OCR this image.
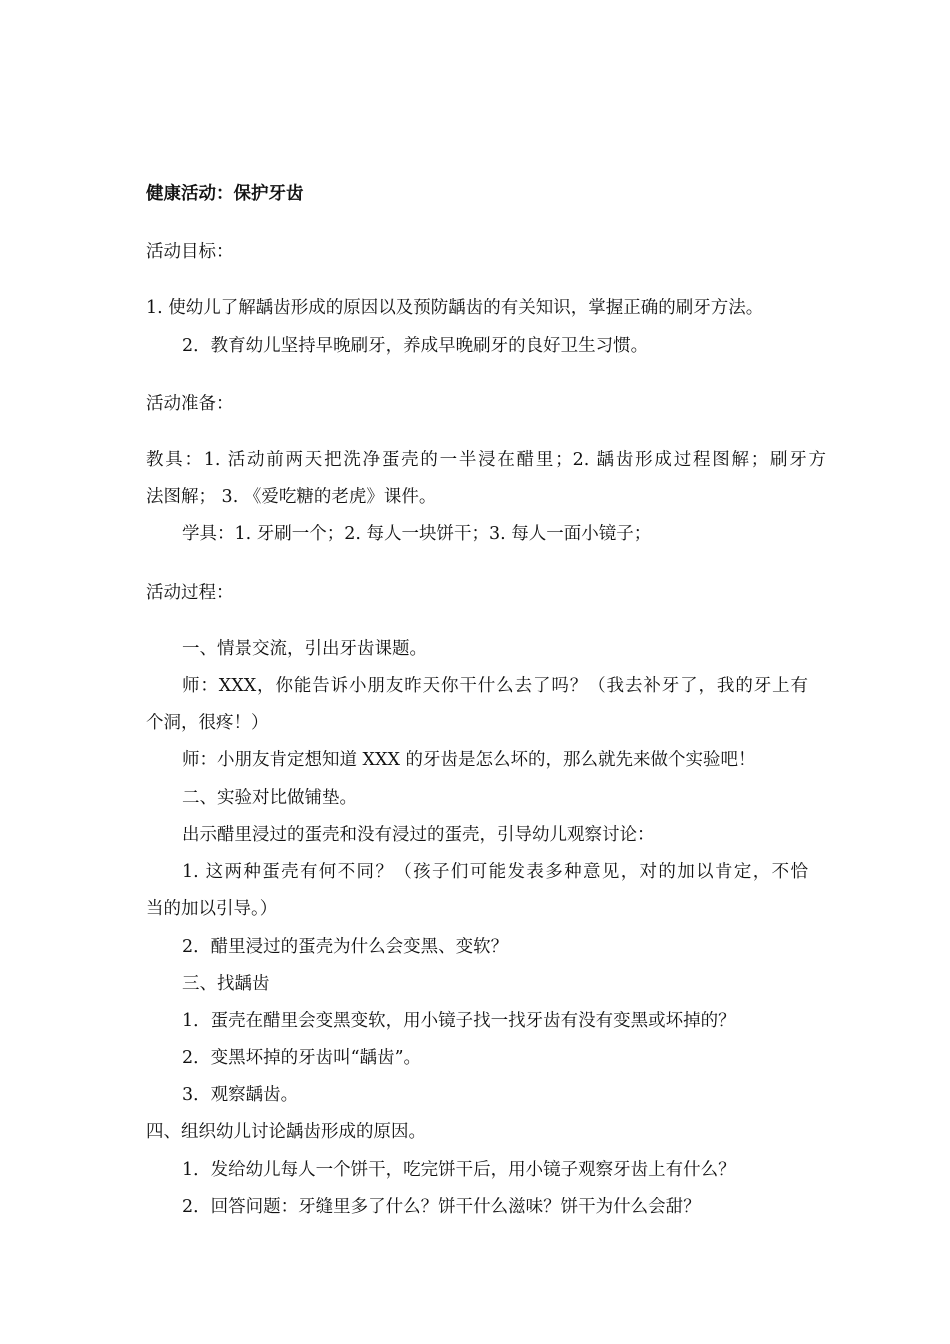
健康活动：保护牙齿
活动目标：
1. 使幼儿了解龋齿形成的原因以及预防龋齿的有关知识，掌握正确的刷牙方法。
2．教育幼儿坚持早晚刷牙，养成早晚刷牙的良好卫生习惯。
活动准备：
教具：1. 活动前两天把洗净蛋壳的一半浸在醋里；2. 龋齿形成过程图解；刷牙方
法图解； 3. 《爱吃糖的老虎》课件。
学具：1. 牙刷一个；2. 每人一块饼干；3. 每人一面小镜子；
活动过程：
一、情景交流，引出牙齿课题。
师：XXX，你能告诉小朋友昨天你干什么去了吗？（我去补牙了，我的牙上有
个洞，很疼！）
师：小朋友肯定想知道 XXX 的牙齿是怎么坏的，那么就先来做个实验吧！
二、实验对比做铺垫。
出示醋里浸过的蛋壳和没有浸过的蛋壳，引导幼儿观察讨论：
1. 这两种蛋壳有何不同？（孩子们可能发表多种意见，对的加以肯定，不恰
当的加以引导。）
2．醋里浸过的蛋壳为什么会变黑、变软？
三、找龋齿
1．蛋壳在醋里会变黑变软，用小镜子找一找牙齿有没有变黑或坏掉的？
2．变黑坏掉的牙齿叫“龋齿”。
3．观察龋齿。
四、组织幼儿讨论龋齿形成的原因。
1．发给幼儿每人一个饼干，吃完饼干后，用小镜子观察牙齿上有什么？
2．回答问题：牙缝里多了什么？饼干什么滋味？饼干为什么会甜？
